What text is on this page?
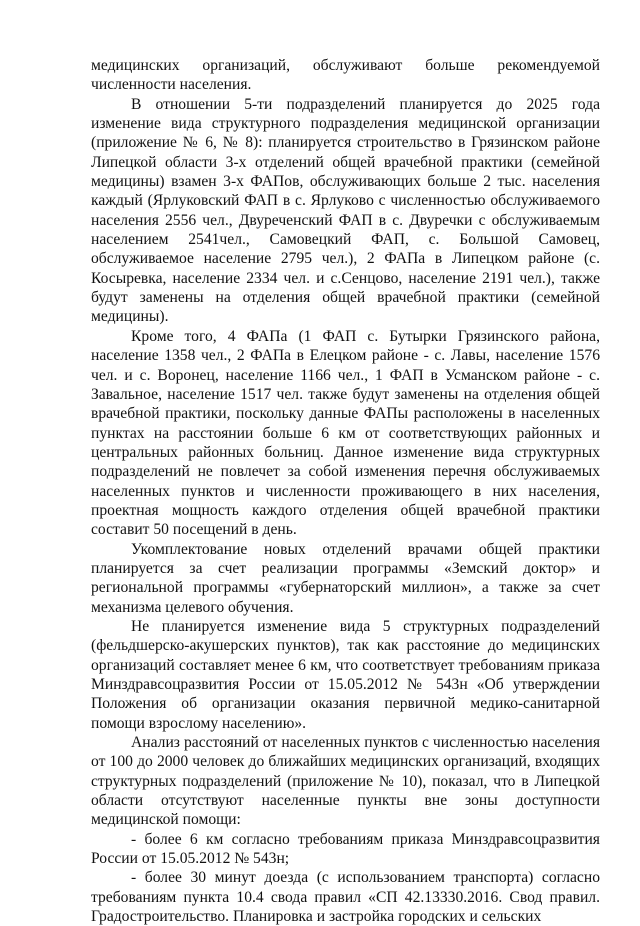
медицинских организаций, обслуживают больше рекомендуемой численности населения.

В отношении 5-ти подразделений планируется до 2025 года изменение вида структурного подразделения медицинской организации (приложение № 6, № 8): планируется строительство в Грязинском районе Липецкой области 3-х отделений общей врачебной практики (семейной медицины) взамен 3-х ФАПов, обслуживающих больше 2 тыс. населения каждый (Ярлуковский ФАП в с. Ярлуково с численностью обслуживаемого населения 2556 чел., Двуреченский ФАП в с. Двуречки с обслуживаемым населением 2541чел., Самовецкий ФАП, с. Большой Самовец, обслуживаемое население 2795 чел.), 2 ФАПа в Липецком районе (с. Косыревка, население 2334 чел. и с.Сенцово, население 2191 чел.), также будут заменены на отделения общей врачебной практики (семейной медицины).

Кроме того, 4 ФАПа (1 ФАП с. Бутырки Грязинского района, население 1358 чел., 2 ФАПа в Елецком районе - с. Лавы, население 1576 чел. и с. Воронец, население 1166 чел., 1 ФАП в Усманском районе - с. Завальное, население 1517 чел. также будут заменены на отделения общей врачебной практики, поскольку данные ФАПы расположены в населенных пунктах на расстоянии больше 6 км от соответствующих районных и центральных районных больниц. Данное изменение вида структурных подразделений не повлечет за собой изменения перечня обслуживаемых населенных пунктов и численности проживающего в них населения, проектная мощность каждого отделения общей врачебной практики составит 50 посещений в день.

Укомплектование новых отделений врачами общей практики планируется за счет реализации программы «Земский доктор» и региональной программы «губернаторский миллион», а также за счет механизма целевого обучения.

Не планируется изменение вида 5 структурных подразделений (фельдшерско-акушерских пунктов), так как расстояние до медицинских организаций составляет менее 6 км, что соответствует требованиям приказа Минздравсоцразвития России от 15.05.2012 № 543н «Об утверждении Положения об организации оказания первичной медико-санитарной помощи взрослому населению».

Анализ расстояний от населенных пунктов с численностью населения от 100 до 2000 человек до ближайших медицинских организаций, входящих структурных подразделений (приложение № 10), показал, что в Липецкой области отсутствуют населенные пункты вне зоны доступности медицинской помощи:

- более 6 км согласно требованиям приказа Минздравсоцразвития России от 15.05.2012 № 543н;

- более 30 минут доезда (с использованием транспорта) согласно требованиям пункта 10.4 свода правил «СП 42.13330.2016. Свод правил. Градостроительство. Планировка и застройка городских и сельских
